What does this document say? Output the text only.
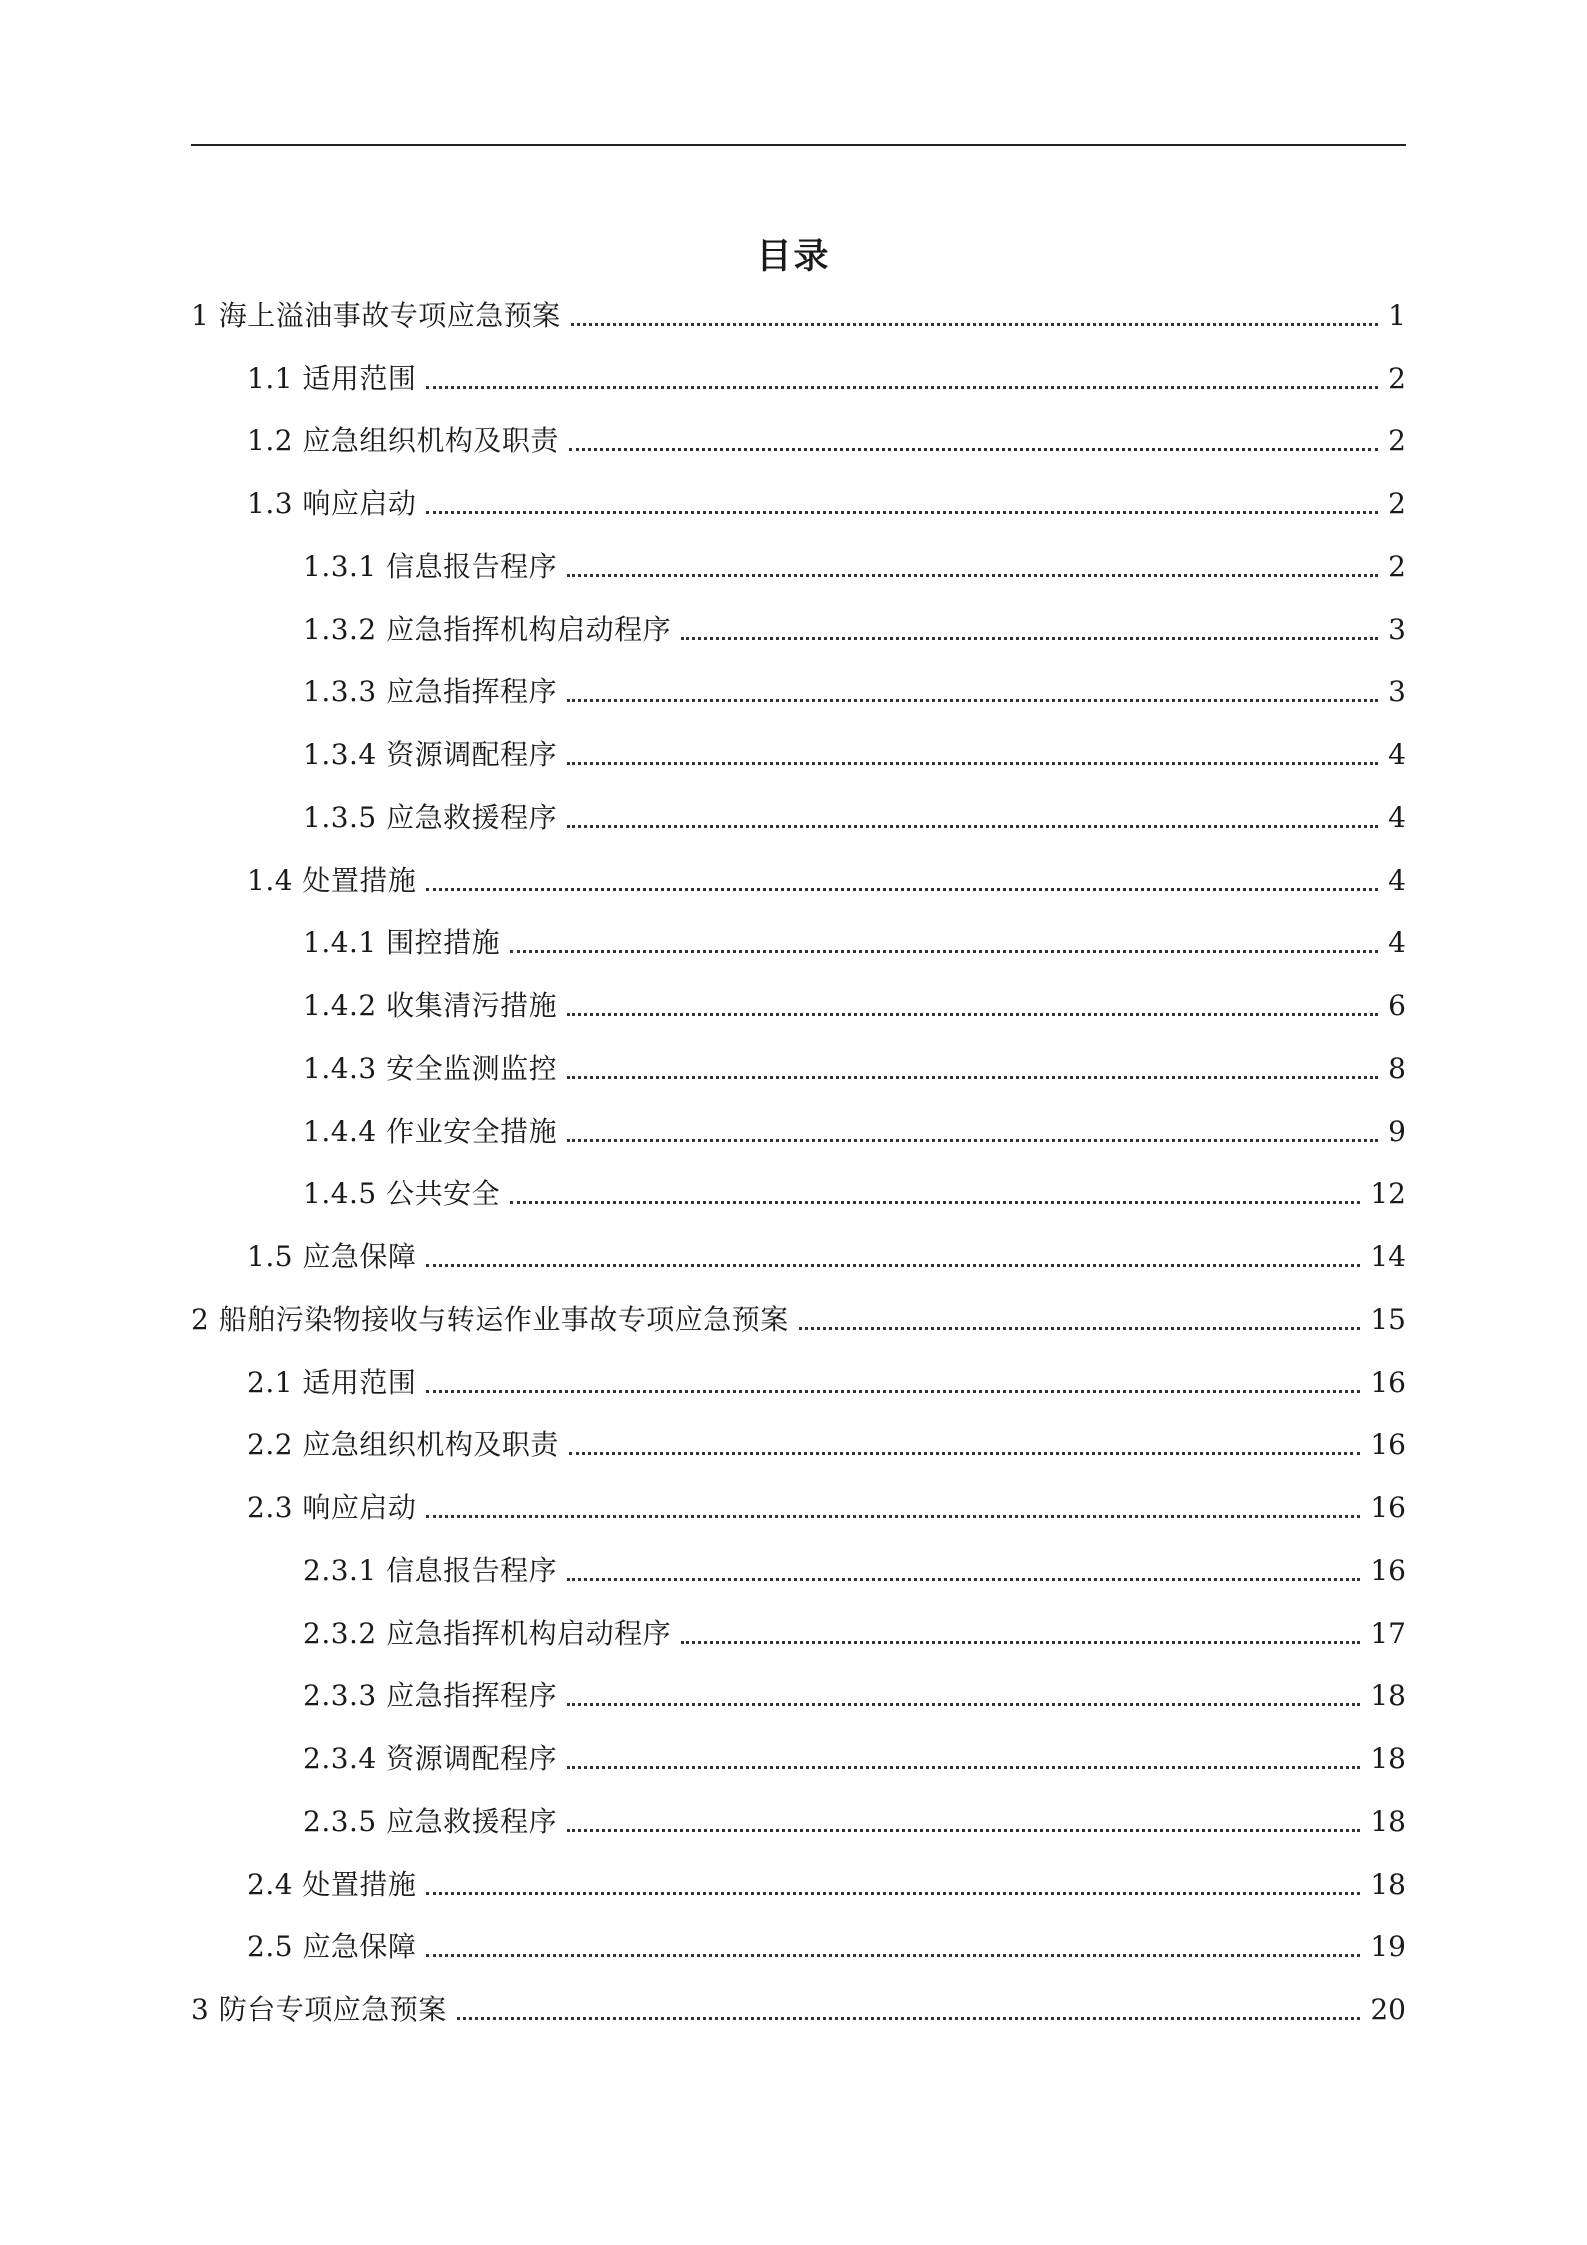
目录
1 海上溢油事故专项应急预案	1
1.1 适用范围	2
1.2 应急组织机构及职责	2
1.3 响应启动	2
1.3.1 信息报告程序	2
1.3.2 应急指挥机构启动程序	3
1.3.3 应急指挥程序	3
1.3.4 资源调配程序	4
1.3.5 应急救援程序	4
1.4 处置措施	4
1.4.1 围控措施	4
1.4.2 收集清污措施	6
1.4.3 安全监测监控	8
1.4.4 作业安全措施	9
1.4.5 公共安全	12
1.5 应急保障	14
2 船舶污染物接收与转运作业事故专项应急预案	15
2.1 适用范围	16
2.2 应急组织机构及职责	16
2.3 响应启动	16
2.3.1 信息报告程序	16
2.3.2 应急指挥机构启动程序	17
2.3.3 应急指挥程序	18
2.3.4 资源调配程序	18
2.3.5 应急救援程序	18
2.4 处置措施	18
2.5 应急保障	19
3 防台专项应急预案	20
